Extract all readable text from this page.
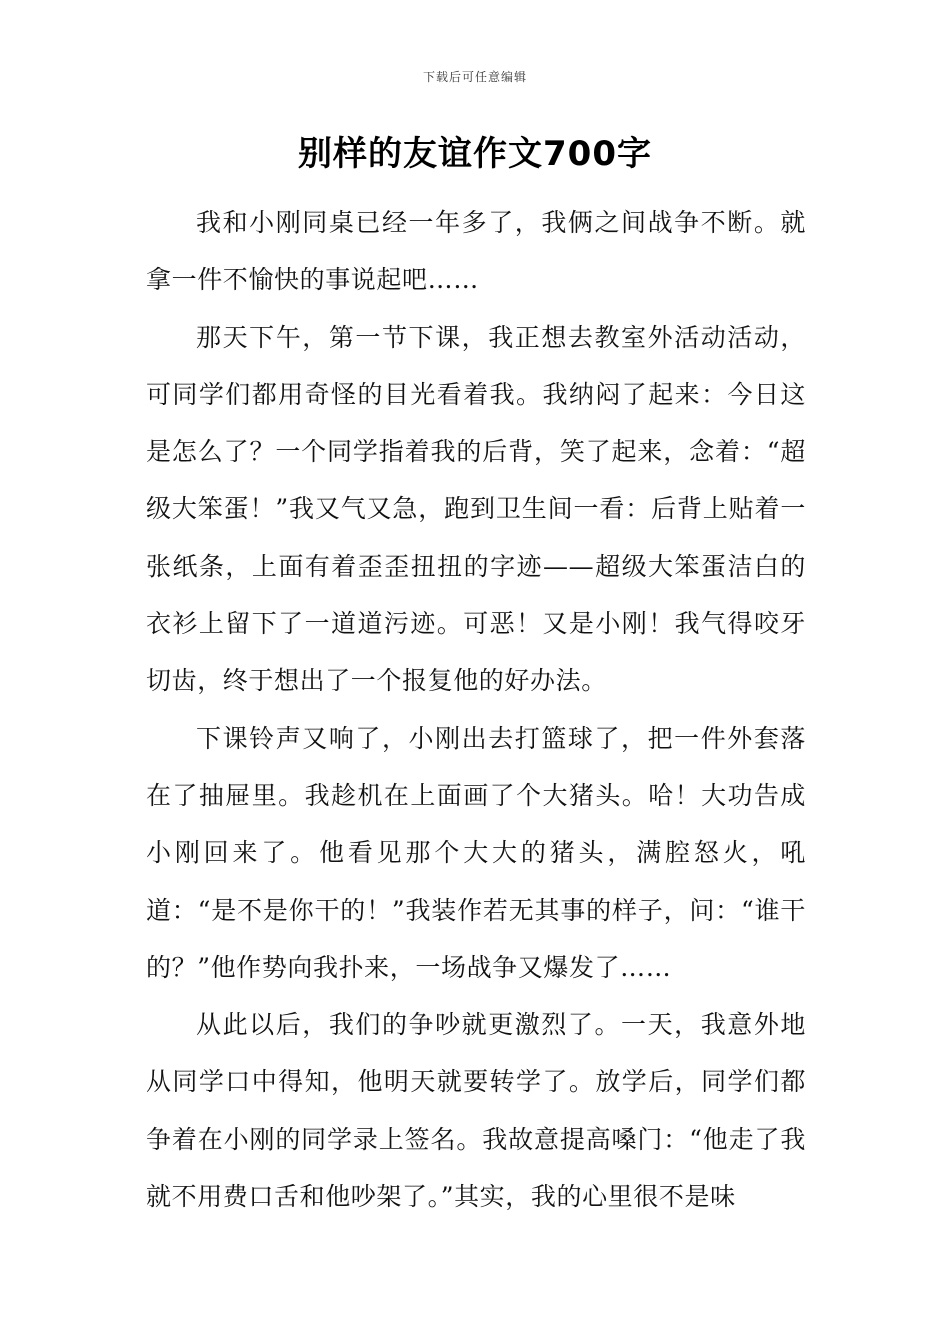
下载后可任意编辑
别样的友谊作文700字

我和小刚同桌已经一年多了，我俩之间战争不断。就拿一件不愉快的事说起吧……

那天下午，第一节下课，我正想去教室外活动活动，可同学们都用奇怪的目光看着我。我纳闷了起来：今日这是怎么了？一个同学指着我的后背，笑了起来，念着：“超级大笨蛋！”我又气又急，跑到卫生间一看：后背上贴着一张纸条，上面有着歪歪扭扭的字迹——超级大笨蛋洁白的衣衫上留下了一道道污迹。可恶！又是小刚！我气得咬牙切齿，终于想出了一个报复他的好办法。

下课铃声又响了，小刚出去打篮球了，把一件外套落在了抽屉里。我趁机在上面画了个大猪头。哈！大功告成小刚回来了。他看见那个大大的猪头，满腔怒火，吼道：“是不是你干的！”我装作若无其事的样子，问：“谁干的？”他作势向我扑来，一场战争又爆发了……

从此以后，我们的争吵就更激烈了。一天，我意外地从同学口中得知，他明天就要转学了。放学后，同学们都争着在小刚的同学录上签名。我故意提高嗓门：“他走了我就不用费口舌和他吵架了。”其实，我的心里很不是味
